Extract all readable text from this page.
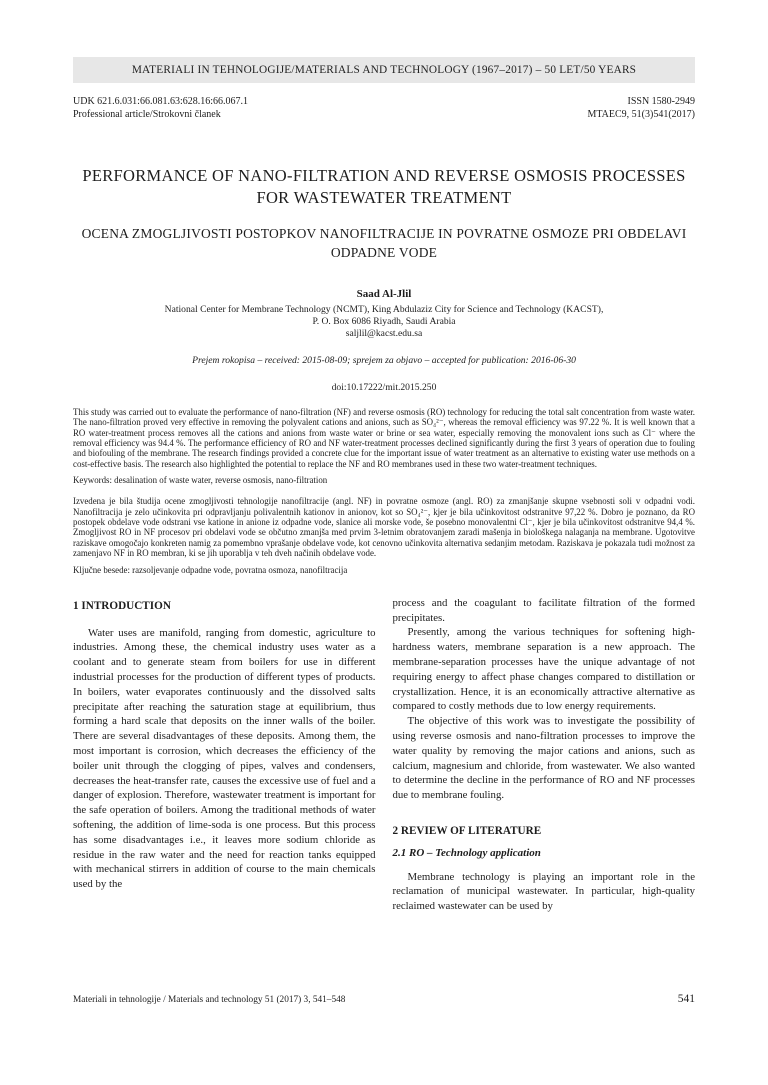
MATERIALI IN TEHNOLOGIJE/MATERIALS AND TECHNOLOGY (1967–2017) – 50 LET/50 YEARS
UDK 621.6.031:66.081.63:628.16:66.067.1
Professional article/Strokovni članek
ISSN 1580-2949
MTAEC9, 51(3)541(2017)
PERFORMANCE OF NANO-FILTRATION AND REVERSE OSMOSIS PROCESSES FOR WASTEWATER TREATMENT
OCENA ZMOGLJIVOSTI POSTOPKOV NANOFILTRACIJE IN POVRATNE OSMOZE PRI OBDELAVI ODPADNE VODE
Saad Al-Jlil
National Center for Membrane Technology (NCMT), King Abdulaziz City for Science and Technology (KACST),
P. O. Box 6086 Riyadh, Saudi Arabia
saljlil@kacst.edu.sa
Prejem rokopisa – received: 2015-08-09; sprejem za objavo – accepted for publication: 2016-06-30
doi:10.17222/mit.2015.250
This study was carried out to evaluate the performance of nano-filtration (NF) and reverse osmosis (RO) technology for reducing the total salt concentration from waste water. The nano-filtration proved very effective in removing the polyvalent cations and anions, such as SO₄²⁻, whereas the removal efficiency was 97.22 %. It is well known that a RO water-treatment process removes all the cations and anions from waste water or brine or sea water, especially removing the monovalent ions such as Cl⁻ where the removal efficiency was 94.4 %. The performance efficiency of RO and NF water-treatment processes declined significantly during the first 3 years of operation due to fouling and biofouling of the membrane. The research findings provided a concrete clue for the important issue of water treatment as an alternative to existing water use methods on a cost-effective basis. The research also highlighted the potential to replace the NF and RO membranes used in these two water-treatment techniques.
Keywords: desalination of waste water, reverse osmosis, nano-filtration
Izvedena je bila študija ocene zmogljivosti tehnologije nanofiltracije (angl. NF) in povratne osmoze (angl. RO) za zmanjšanje skupne vsebnosti soli v odpadni vodi. Nanofiltracija je zelo učinkovita pri odpravljanju polivalentnih kationov in anionov, kot so SO₄²⁻, kjer je bila učinkovitost odstranitve 97,22 %. Dobro je poznano, da RO postopek obdelave vode odstrani vse katione in anione iz odpadne vode, slanice ali morske vode, še posebno monovalentni Cl⁻, kjer je bila učinkovitost odstranitve 94,4 %. Zmogljivost RO in NF procesov pri obdelavi vode se občutno zmanjša med prvim 3-letnim obratovanjem zaradi mašenja in biološkega nalaganja na membrane. Ugotovitve raziskave omogočajo konkreten namig za pomembno vprašanje obdelave vode, kot cenovno učinkovita alternativa sedanjim metodam. Raziskava je pokazala tudi možnost za zamenjavo NF in RO membran, ki se jih uporablja v teh dveh načinih obdelave vode.
Ključne besede: razsoljevanje odpadne vode, povratna osmoza, nanofiltracija
1 INTRODUCTION
Water uses are manifold, ranging from domestic, agriculture to industries. Among these, the chemical industry uses water as a coolant and to generate steam from boilers for use in different industrial processes for the production of different types of products. In boilers, water evaporates continuously and the dissolved salts precipitate after reaching the saturation stage at equilibrium, thus forming a hard scale that deposits on the inner walls of the boiler. There are several disadvantages of these deposits. Among them, the most important is corrosion, which decreases the efficiency of the boiler unit through the clogging of pipes, valves and condensers, decreases the heat-transfer rate, causes the excessive use of fuel and a danger of explosion. Therefore, wastewater treatment is important for the safe operation of boilers. Among the traditional methods of water softening, the addition of lime-soda is one process. But this process has some disadvantages i.e., it leaves more sodium chloride as residue in the raw water and the need for reaction tanks equipped with mechanical stirrers in addition of course to the main chemicals used by the
process and the coagulant to facilitate filtration of the formed precipitates.
Presently, among the various techniques for softening high-hardness waters, membrane separation is a new approach. The membrane-separation processes have the unique advantage of not requiring energy to affect phase changes compared to distillation or crystallization. Hence, it is an economically attractive alternative as compared to costly methods due to low energy requirements.
The objective of this work was to investigate the possibility of using reverse osmosis and nano-filtration processes to improve the water quality by removing the major cations and anions, such as calcium, magnesium and chloride, from wastewater. We also wanted to determine the decline in the performance of RO and NF processes due to membrane fouling.
2 REVIEW OF LITERATURE
2.1 RO – Technology application
Membrane technology is playing an important role in the reclamation of municipal wastewater. In particular, high-quality reclaimed wastewater can be used by
Materiali in tehnologije / Materials and technology 51 (2017) 3, 541–548	541
